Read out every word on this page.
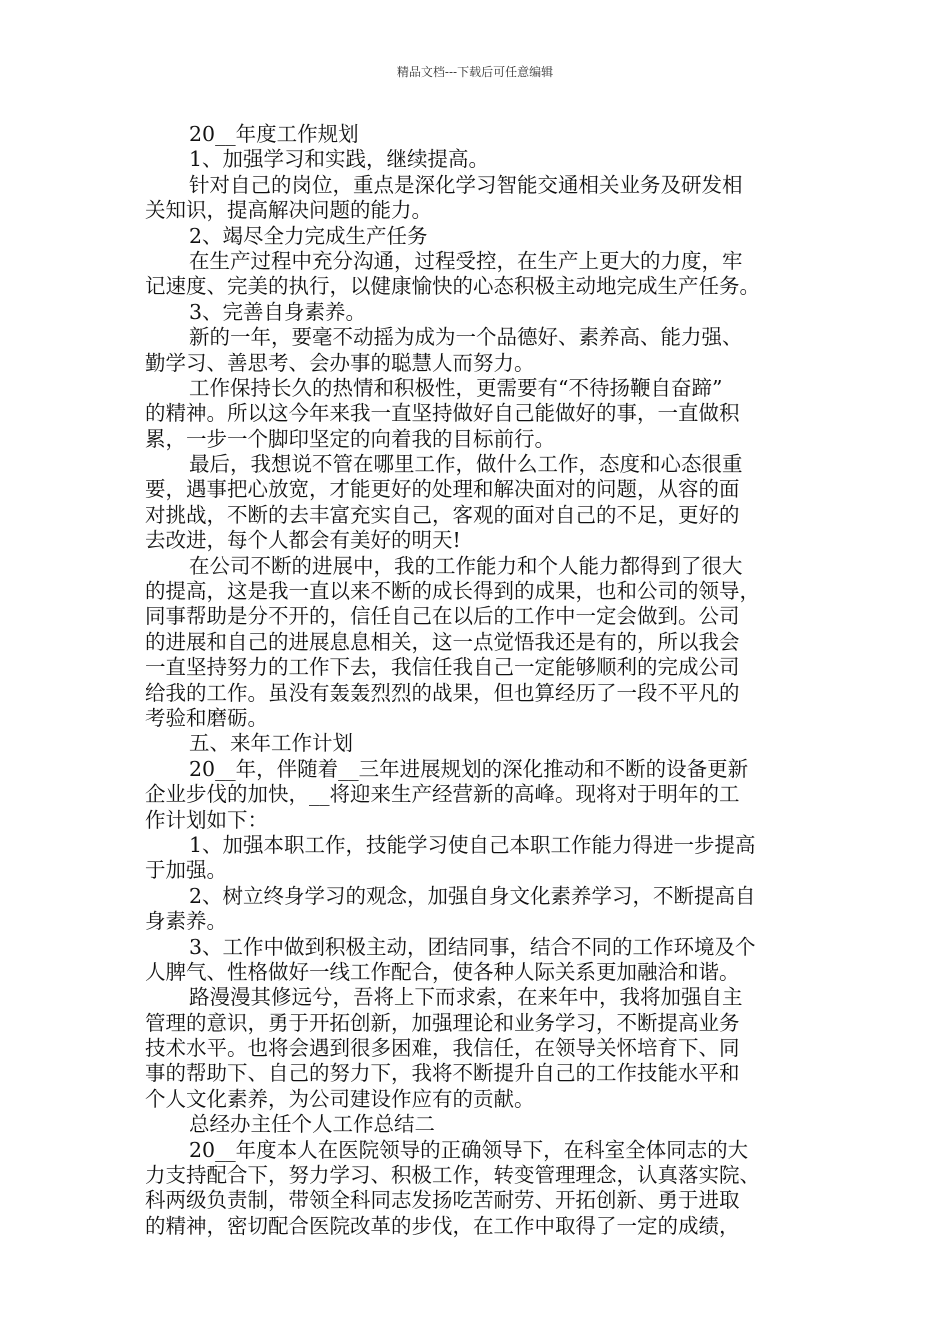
精品文档---下载后可任意编辑
20__年度工作规划
1、加强学习和实践，继续提高。
针对自己的岗位，重点是深化学习智能交通相关业务及研发相
关知识，提高解决问题的能力。
2、竭尽全力完成生产任务
在生产过程中充分沟通，过程受控，在生产上更大的力度，牢
记速度、完美的执行，以健康愉快的心态积极主动地完成生产任务。
3、完善自身素养。
新的一年，要毫不动摇为成为一个品德好、素养高、能力强、
勤学习、善思考、会办事的聪慧人而努力。
工作保持长久的热情和积极性，更需要有“不待扬鞭自奋蹄”
的精神。所以这今年来我一直坚持做好自己能做好的事，一直做积
累，一步一个脚印坚定的向着我的目标前行。
最后，我想说不管在哪里工作，做什么工作，态度和心态很重
要，遇事把心放宽，才能更好的处理和解决面对的问题，从容的面
对挑战，不断的去丰富充实自己，客观的面对自己的不足，更好的
去改进，每个人都会有美好的明天!
在公司不断的进展中，我的工作能力和个人能力都得到了很大
的提高，这是我一直以来不断的成长得到的成果，也和公司的领导，
同事帮助是分不开的，信任自己在以后的工作中一定会做到。公司
的进展和自己的进展息息相关，这一点觉悟我还是有的，所以我会
一直坚持努力的工作下去，我信任我自己一定能够顺利的完成公司
给我的工作。虽没有轰轰烈烈的战果，但也算经历了一段不平凡的
考验和磨砺。
五、来年工作计划
20__年，伴随着__三年进展规划的深化推动和不断的设备更新
企业步伐的加快，__将迎来生产经营新的高峰。现将对于明年的工
作计划如下：
1、加强本职工作，技能学习使自己本职工作能力得进一步提高
于加强。
2、树立终身学习的观念，加强自身文化素养学习，不断提高自
身素养。
3、工作中做到积极主动，团结同事，结合不同的工作环境及个
人脾气、性格做好一线工作配合，使各种人际关系更加融洽和谐。
路漫漫其修远兮，吾将上下而求索，在来年中，我将加强自主
管理的意识，勇于开拓创新，加强理论和业务学习，不断提高业务
技术水平。也将会遇到很多困难，我信任，在领导关怀培育下、同
事的帮助下、自己的努力下，我将不断提升自己的工作技能水平和
个人文化素养，为公司建设作应有的贡献。
总经办主任个人工作总结二
20__年度本人在医院领导的正确领导下，在科室全体同志的大
力支持配合下，努力学习、积极工作，转变管理理念，认真落实院、
科两级负责制，带领全科同志发扬吃苦耐劳、开拓创新、勇于进取
的精神，密切配合医院改革的步伐，在工作中取得了一定的成绩，
